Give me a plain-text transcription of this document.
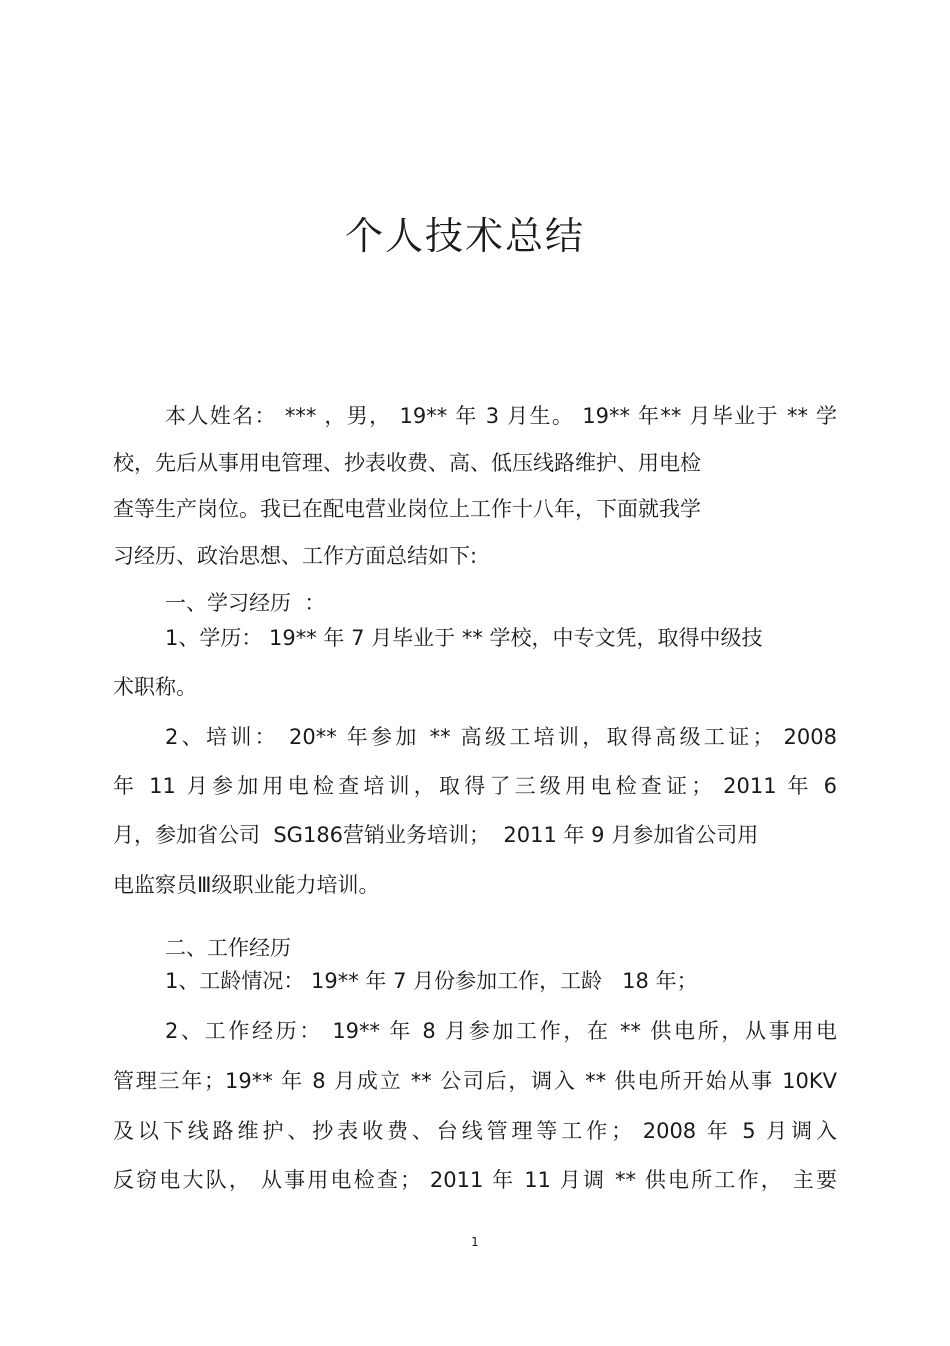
个人技术总结
本人姓名： *** ，男， 19** 年 3 月生。 19** 年** 月毕业于 ** 学
校，先后从事用电管理、抄表收费、高、低压线路维护、用电检
查等生产岗位。我已在配电营业岗位上工作十八年，下面就我学
习经历、政治思想、工作方面总结如下:
一、学习经历  ：
1、学历： 19** 年 7 月毕业于 ** 学校，中专文凭，取得中级技
术职称。
2、培训： 20** 年参加 ** 高级工培训，取得高级工证； 2008
年 11 月参加用电检查培训，取得了三级用电检查证； 2011 年 6
月，参加省公司  SG186营销业务培训；  2011 年 9 月参加省公司用
电监察员Ⅲ级职业能力培训。
二、工作经历
1、工龄情况： 19** 年 7 月份参加工作，工龄   18 年；
2、工作经历： 19** 年 8 月参加工作，在 ** 供电所，从事用电
管理三年；19** 年 8 月成立 ** 公司后，调入 ** 供电所开始从事 10KV
及以下线路维护、抄表收费、台线管理等工作； 2008 年 5 月调入
反窃电大队， 从事用电检查； 2011 年 11 月调 ** 供电所工作， 主要
1
